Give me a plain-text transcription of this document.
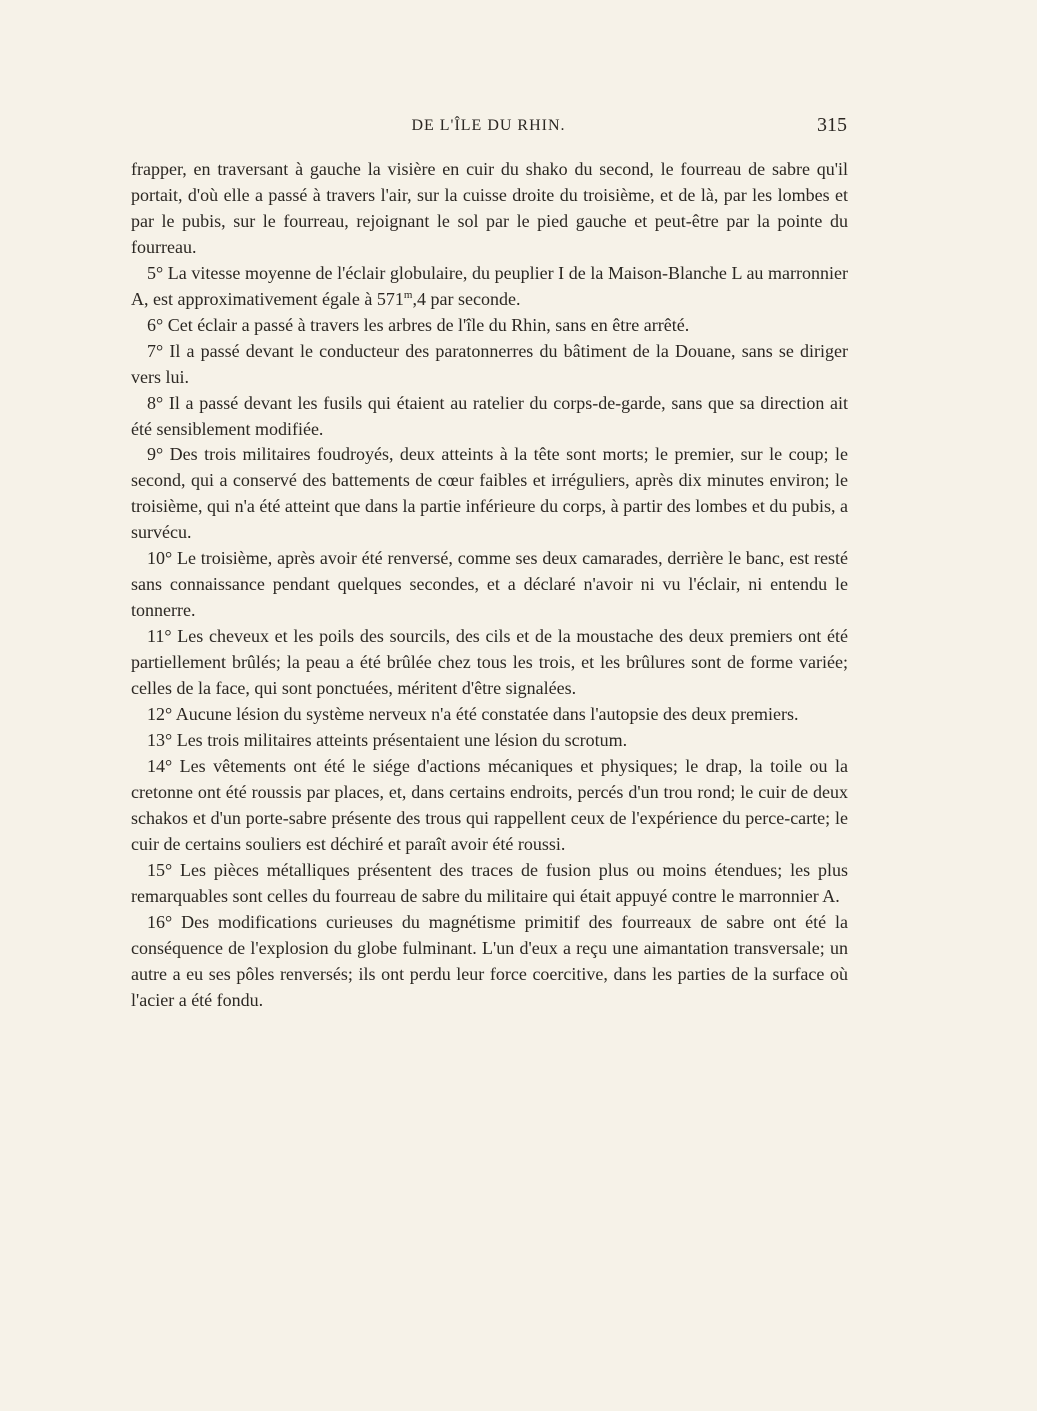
DE L'ÎLE DU RHIN.	315

frapper, en traversant à gauche la visière en cuir du shako du second, le fourreau de sabre qu'il portait, d'où elle a passé à travers l'air, sur la cuisse droite du troisième, et de là, par les lombes et par le pubis, sur le fourreau, rejoignant le sol par le pied gauche et peut-être par la pointe du fourreau.

5° La vitesse moyenne de l'éclair globulaire, du peuplier I de la Maison-Blanche L au marronnier A, est approximativement égale à 571$^m$,4 par seconde.

6° Cet éclair a passé à travers les arbres de l'île du Rhin, sans en être arrêté.

7° Il a passé devant le conducteur des paratonnerres du bâtiment de la Douane, sans se diriger vers lui.

8° Il a passé devant les fusils qui étaient au ratelier du corps-de-garde, sans que sa direction ait été sensiblement modifiée.

9° Des trois militaires foudroyés, deux atteints à la tête sont morts; le premier, sur le coup; le second, qui a conservé des battements de cœur faibles et irréguliers, après dix minutes environ; le troisième, qui n'a été atteint que dans la partie inférieure du corps, à partir des lombes et du pubis, a survécu.

10° Le troisième, après avoir été renversé, comme ses deux camarades, derrière le banc, est resté sans connaissance pendant quelques secondes, et a déclaré n'avoir ni vu l'éclair, ni entendu le tonnerre.

11° Les cheveux et les poils des sourcils, des cils et de la moustache des deux premiers ont été partiellement brûlés; la peau a été brûlée chez tous les trois, et les brûlures sont de forme variée; celles de la face, qui sont ponctuées, méritent d'être signalées.

12° Aucune lésion du système nerveux n'a été constatée dans l'autopsie des deux premiers.

13° Les trois militaires atteints présentaient une lésion du scrotum.

14° Les vêtements ont été le siége d'actions mécaniques et physiques; le drap, la toile ou la cretonne ont été roussis par places, et, dans certains endroits, percés d'un trou rond; le cuir de deux schakos et d'un porte-sabre présente des trous qui rappellent ceux de l'expérience du perce-carte; le cuir de certains souliers est déchiré et paraît avoir été roussi.

15° Les pièces métalliques présentent des traces de fusion plus ou moins étendues; les plus remarquables sont celles du fourreau de sabre du militaire qui était appuyé contre le marronnier A.

16° Des modifications curieuses du magnétisme primitif des fourreaux de sabre ont été la conséquence de l'explosion du globe fulminant. L'un d'eux a reçu une aimantation transversale; un autre a eu ses pôles renversés; ils ont perdu leur force coercitive, dans les parties de la surface où l'acier a été fondu.
